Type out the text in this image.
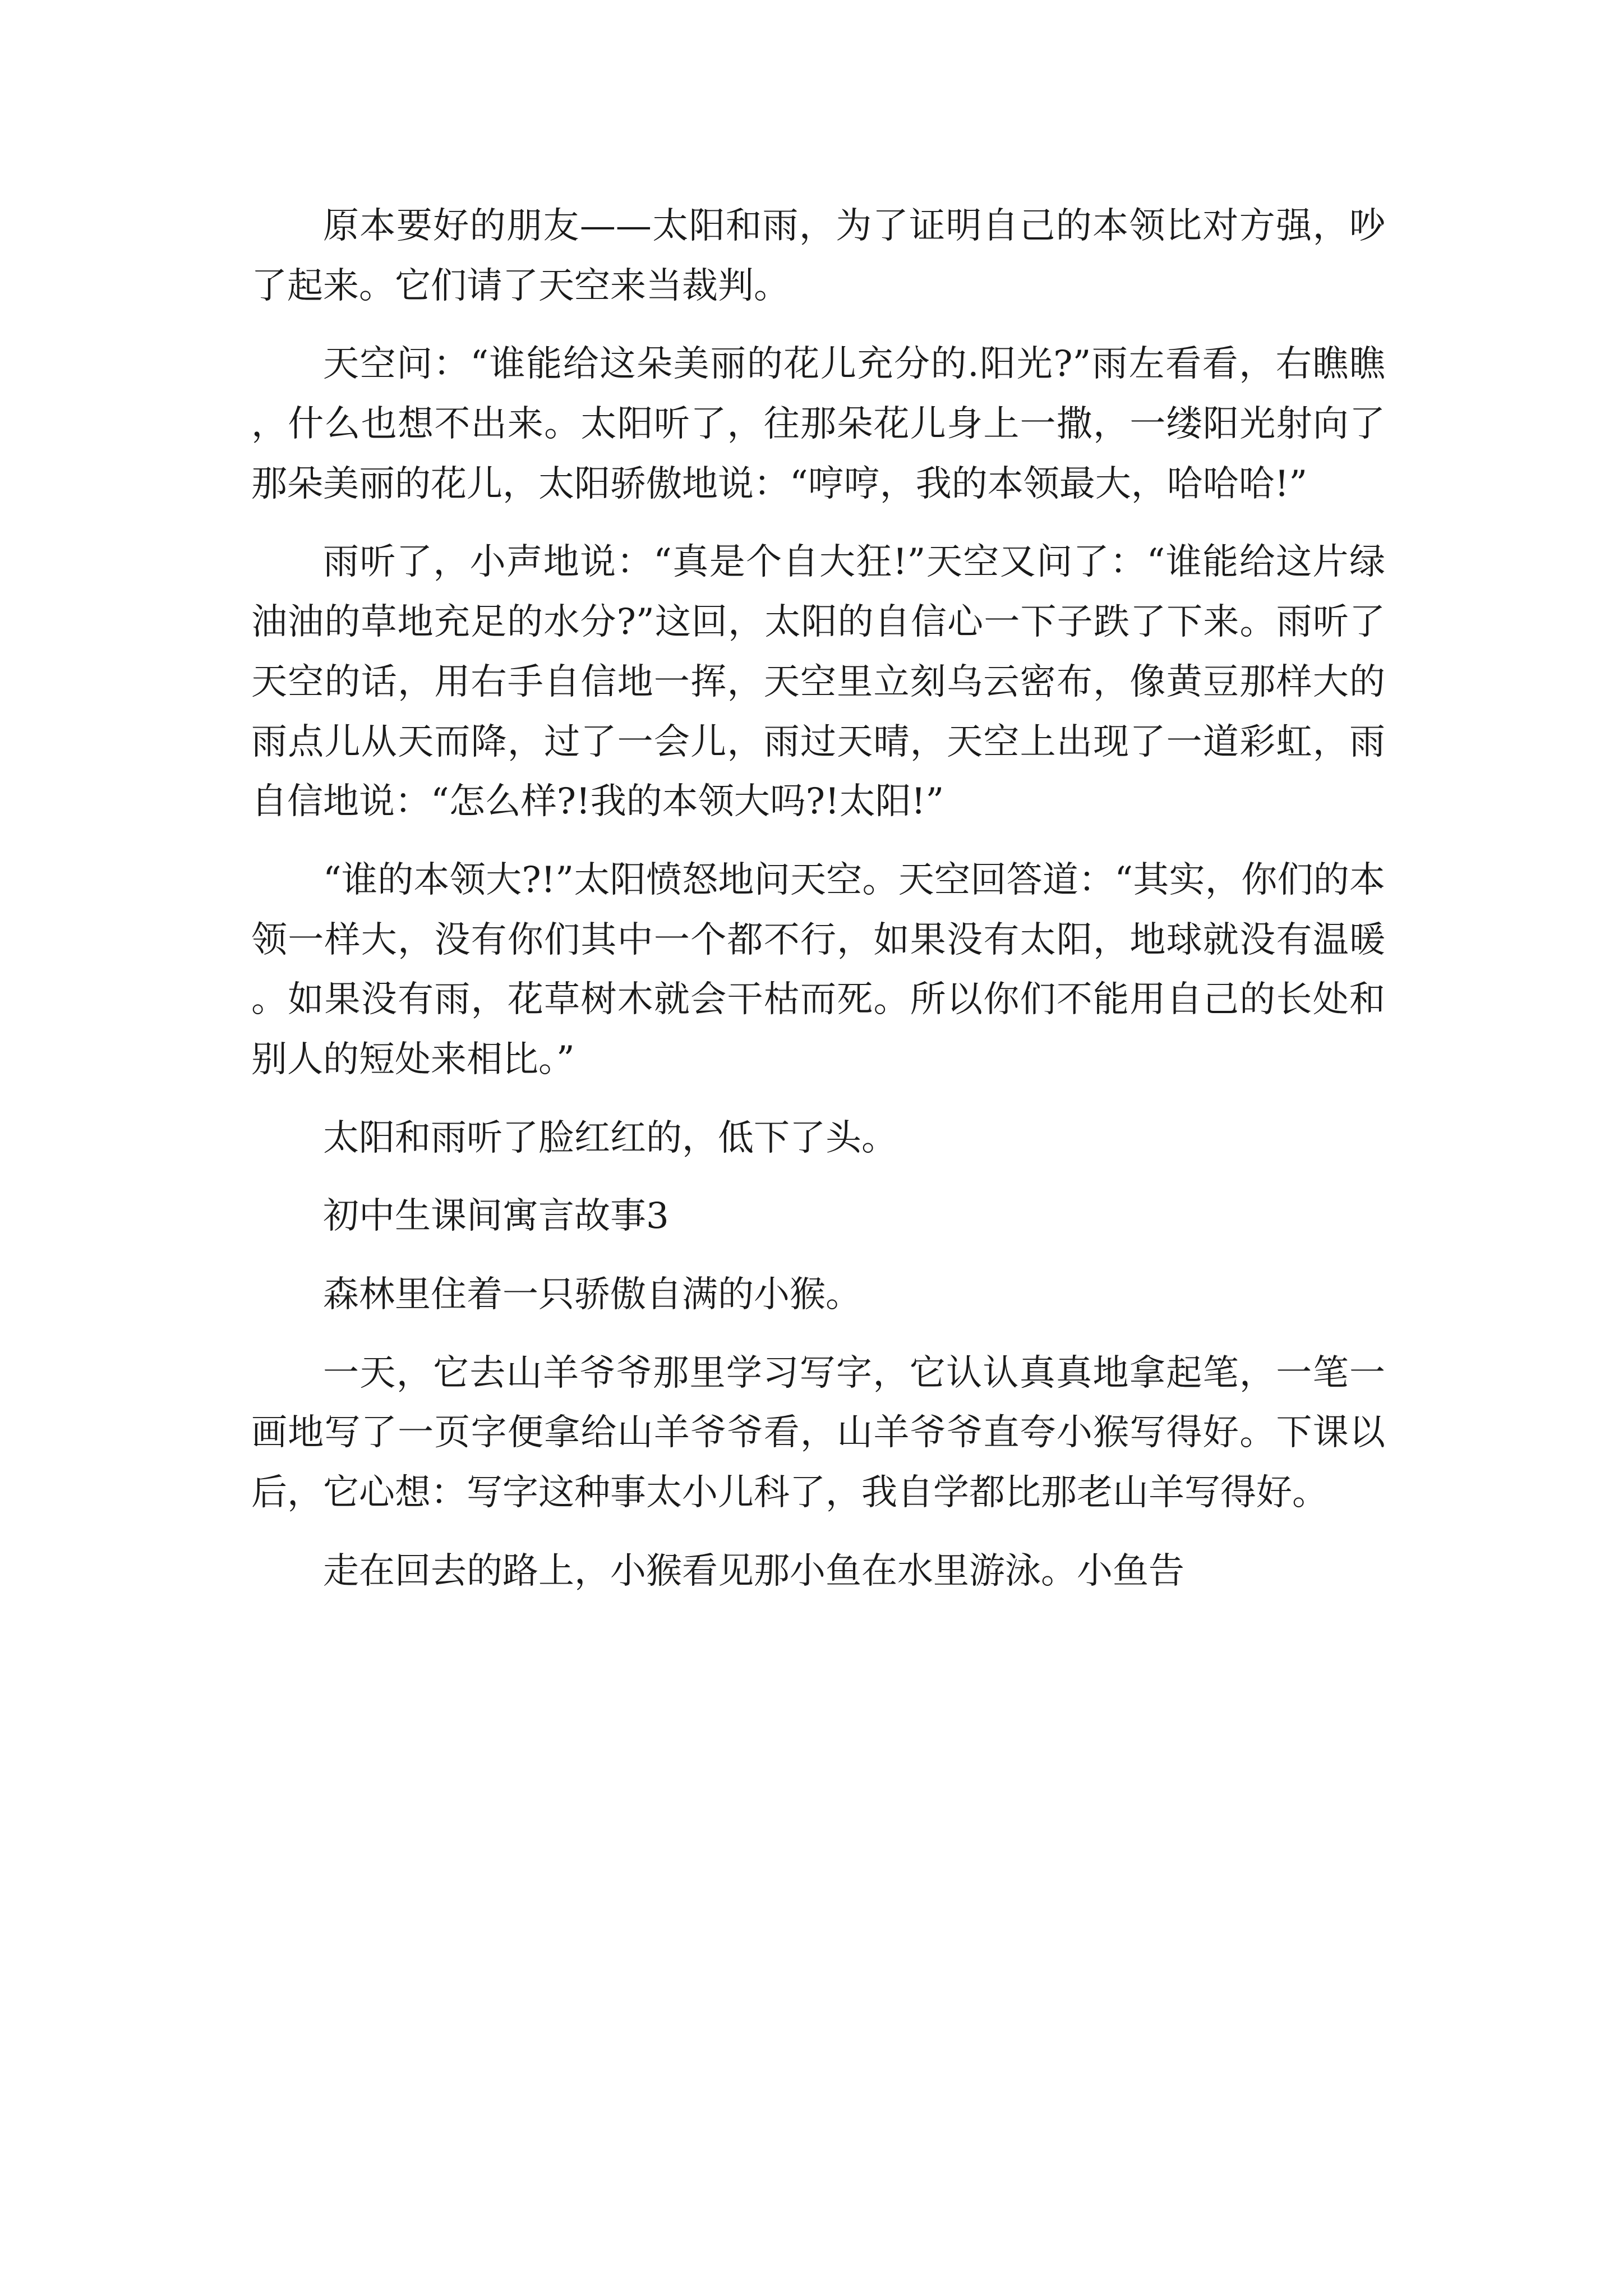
原本要好的朋友——太阳和雨，为了证明自己的本领比对方强，吵了起来。它们请了天空来当裁判。

天空问：“谁能给这朵美丽的花儿充分的.阳光?”雨左看看，右瞧瞧，什么也想不出来。太阳听了，往那朵花儿身上一撒，一缕阳光射向了那朵美丽的花儿，太阳骄傲地说：“哼哼，我的本领最大，哈哈哈!”

雨听了，小声地说：“真是个自大狂!”天空又问了：“谁能给这片绿油油的草地充足的水分?”这回，太阳的自信心一下子跌了下来。雨听了天空的话，用右手自信地一挥，天空里立刻乌云密布，像黄豆那样大的雨点儿从天而降，过了一会儿，雨过天晴，天空上出现了一道彩虹，雨自信地说：“怎么样?!我的本领大吗?!太阳!”

“谁的本领大?!”太阳愤怒地问天空。天空回答道：“其实，你们的本领一样大，没有你们其中一个都不行，如果没有太阳，地球就没有温暖。如果没有雨，花草树木就会干枯而死。所以你们不能用自己的长处和别人的短处来相比。”

太阳和雨听了脸红红的，低下了头。

初中生课间寓言故事3

森林里住着一只骄傲自满的小猴。

一天，它去山羊爷爷那里学习写字，它认认真真地拿起笔，一笔一画地写了一页字便拿给山羊爷爷看，山羊爷爷直夸小猴写得好。下课以后，它心想：写字这种事太小儿科了，我自学都比那老山羊写得好。

走在回去的路上，小猴看见那小鱼在水里游泳。小鱼告
